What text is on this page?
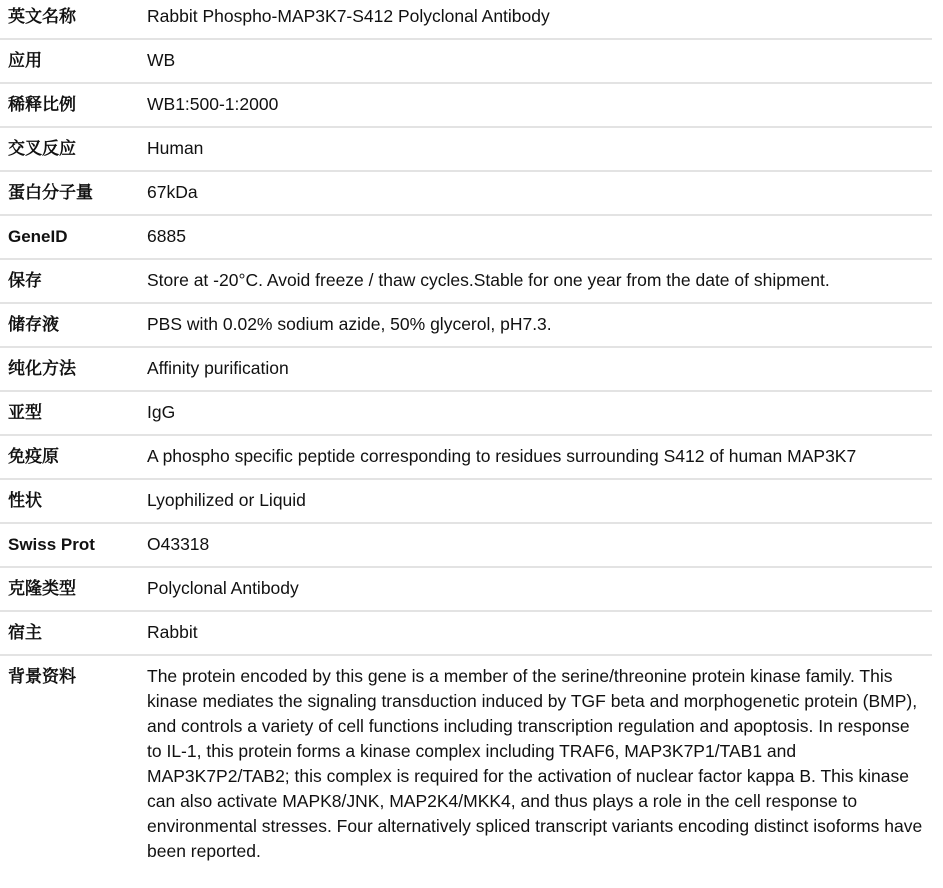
英文名称	Rabbit Phospho-MAP3K7-S412 Polyclonal Antibody
应用	WB
稀释比例	WB1:500-1:2000
交叉反应	Human
蛋白分子量	67kDa
GeneID	6885
保存	Store at -20°C. Avoid freeze / thaw cycles.Stable for one year from the date of shipment.
储存液	PBS with 0.02% sodium azide, 50% glycerol, pH7.3.
纯化方法	Affinity purification
亚型	IgG
免疫原	A phospho specific peptide corresponding to residues surrounding S412 of human MAP3K7
性状	Lyophilized or Liquid
Swiss Prot	O43318
克隆类型	Polyclonal Antibody
宿主	Rabbit
背景资料	The protein encoded by this gene is a member of the serine/threonine protein kinase family. This kinase mediates the signaling transduction induced by TGF beta and morphogenetic protein (BMP), and controls a variety of cell functions including transcription regulation and apoptosis. In response to IL-1, this protein forms a kinase complex including TRAF6, MAP3K7P1/TAB1 and MAP3K7P2/TAB2; this complex is required for the activation of nuclear factor kappa B. This kinase can also activate MAPK8/JNK, MAP2K4/MKK4, and thus plays a role in the cell response to environmental stresses. Four alternatively spliced transcript variants encoding distinct isoforms have been reported.
